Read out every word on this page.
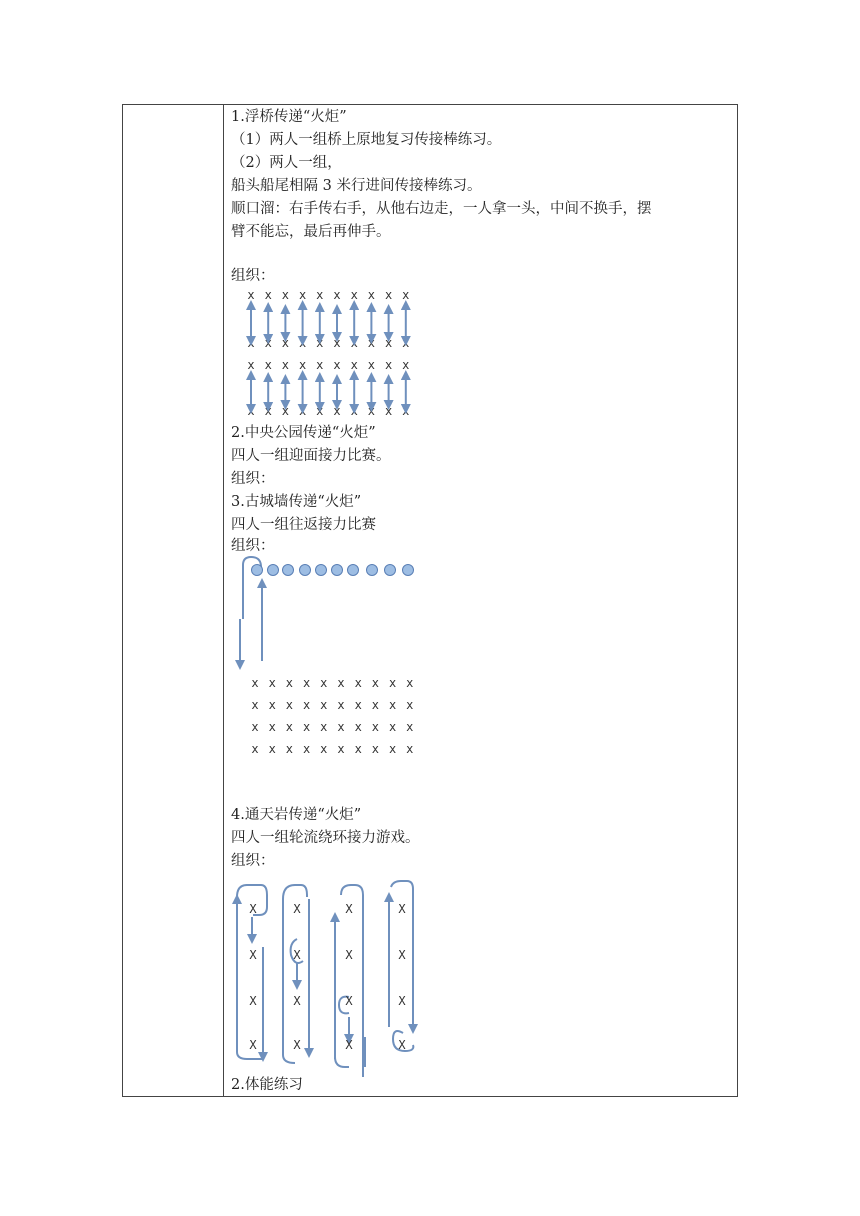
1.浮桥传递“火炬”
（1）两人一组桥上原地复习传接棒练习。
（2）两人一组，
船头船尾相隔 3 米行进间传接棒练习。
顺口溜：右手传右手，从他右边走，一人拿一头，中间不换手，摆
臂不能忘，最后再伸手。
组织：
x x x x x x x x x x
x x x x x x x x x x
x x x x x x x x x x
x x x x x x x x x x
2.中央公园传递“火炬”
四人一组迎面接力比赛。
组织：
3.古城墙传递“火炬”
四人一组往返接力比赛
组织：
x x x x x x x x x x
x x x x x x x x x x
x x x x x x x x x x
x x x x x x x x x x
4.通天岩传递“火炬”
四人一组轮流绕环接力游戏。
组织：
X
X
X
X
X
X
X
X
X
X
X
X
X
X
X
X
2.体能练习
